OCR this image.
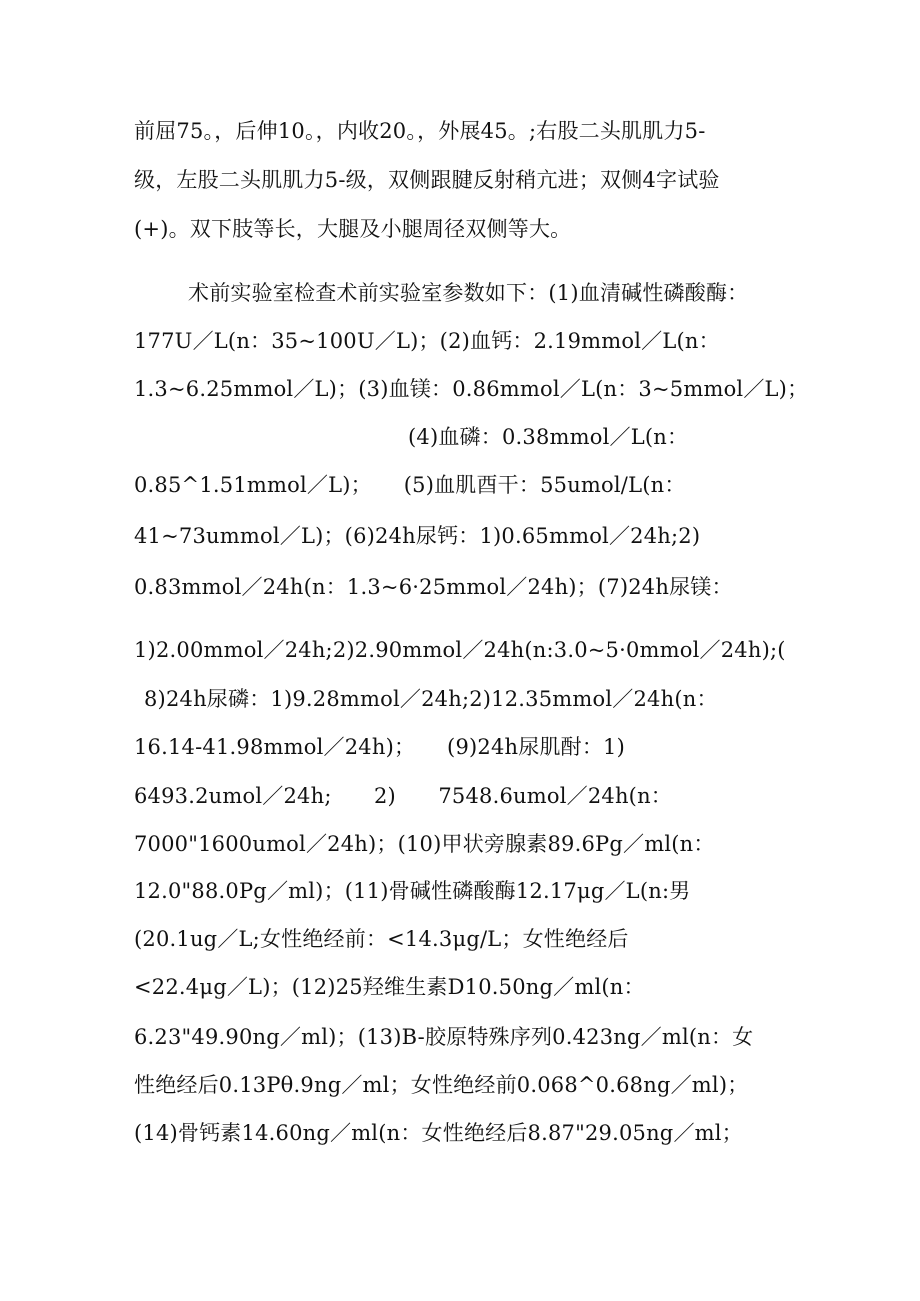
前屈75。，后伸10。，内收20。，外展45。;右股二头肌肌力5-
级，左股二头肌肌力5-级，双侧跟腱反射稍亢进；双侧4字试验
(+)。双下肢等长，大腿及小腿周径双侧等大。
术前实验室检查术前实验室参数如下：(1)血清碱性磷酸酶：
177U／L(n：35~100U／L)；(2)血钙：2.19mmol／L(n：
1.3~6.25mmol／L)；(3)血镁：0.86mmol／L(n：3~5mmol／L)；
(4)血磷：0.38mmol／L(n：
0.85^1.51mmol／L)；　　(5)血肌酉干：55umol/L(n：
41~73ummol／L)；(6)24h尿钙：1)0.65mmol／24h;2)
0.83mmol／24h(n：1.3~6·25mmol／24h)；(7)24h尿镁：
1)2.00mmol／24h;2)2.90mmol／24h(n:3.0~5·0mmol／24h);(
8)24h尿磷：1)9.28mmol／24h;2)12.35mmol／24h(n：
16.14-41.98mmol／24h)；　　(9)24h尿肌酎：1)
6493.2umol／24h;　　2)　　7548.6umol／24h(n：
7000"1600umol／24h)；(10)甲状旁腺素89.6Pg／ml(n：
12.0"88.0Pg／ml)；(11)骨碱性磷酸酶12.17μg／L(n:男
(20.1ug／L;女性绝经前：<14.3μg/L；女性绝经后
<22.4μg／L)；(12)25羟维生素D10.50ng／ml(n：
6.23"49.90ng／ml)；(13)B-胶原特殊序列0.423ng／ml(n：女
性绝经后0.13Pθ.9ng／ml；女性绝经前0.068^0.68ng／ml)；
(14)骨钙素14.60ng／ml(n：女性绝经后8.87"29.05ng／ml；
